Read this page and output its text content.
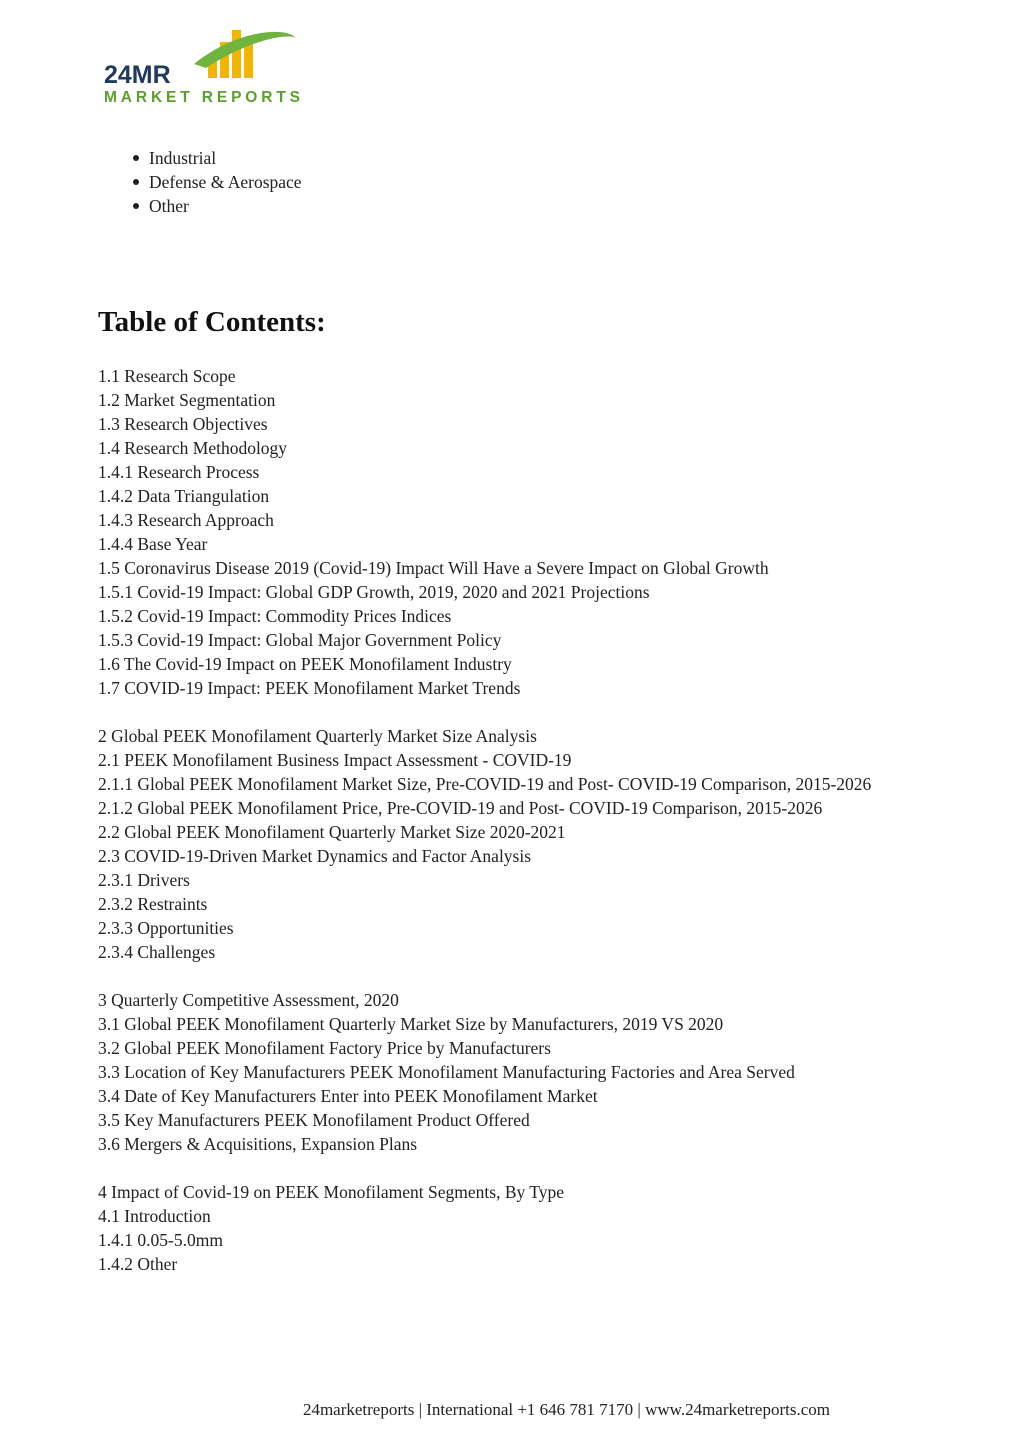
24MR
MARKET REPORTS
Industrial
Defense & Aerospace
Other
Table of Contents:
1.1 Research Scope
1.2 Market Segmentation
1.3 Research Objectives
1.4 Research Methodology
1.4.1 Research Process
1.4.2 Data Triangulation
1.4.3 Research Approach
1.4.4 Base Year
1.5 Coronavirus Disease 2019 (Covid-19) Impact Will Have a Severe Impact on Global Growth
1.5.1 Covid-19 Impact: Global GDP Growth, 2019, 2020 and 2021 Projections
1.5.2 Covid-19 Impact: Commodity Prices Indices
1.5.3 Covid-19 Impact: Global Major Government Policy
1.6 The Covid-19 Impact on PEEK Monofilament Industry
1.7 COVID-19 Impact: PEEK Monofilament Market Trends
2 Global PEEK Monofilament Quarterly Market Size Analysis
2.1 PEEK Monofilament Business Impact Assessment - COVID-19
2.1.1 Global PEEK Monofilament Market Size, Pre-COVID-19 and Post- COVID-19 Comparison, 2015-2026
2.1.2 Global PEEK Monofilament Price, Pre-COVID-19 and Post- COVID-19 Comparison, 2015-2026
2.2 Global PEEK Monofilament Quarterly Market Size 2020-2021
2.3 COVID-19-Driven Market Dynamics and Factor Analysis
2.3.1 Drivers
2.3.2 Restraints
2.3.3 Opportunities
2.3.4 Challenges
3 Quarterly Competitive Assessment, 2020
3.1 Global PEEK Monofilament Quarterly Market Size by Manufacturers, 2019 VS 2020
3.2 Global PEEK Monofilament Factory Price by Manufacturers
3.3 Location of Key Manufacturers PEEK Monofilament Manufacturing Factories and Area Served
3.4 Date of Key Manufacturers Enter into PEEK Monofilament Market
3.5 Key Manufacturers PEEK Monofilament Product Offered
3.6 Mergers & Acquisitions, Expansion Plans
4 Impact of Covid-19 on PEEK Monofilament Segments, By Type
4.1 Introduction
1.4.1 0.05-5.0mm
1.4.2 Other
24marketreports | International +1 646 781 7170 | www.24marketreports.com
